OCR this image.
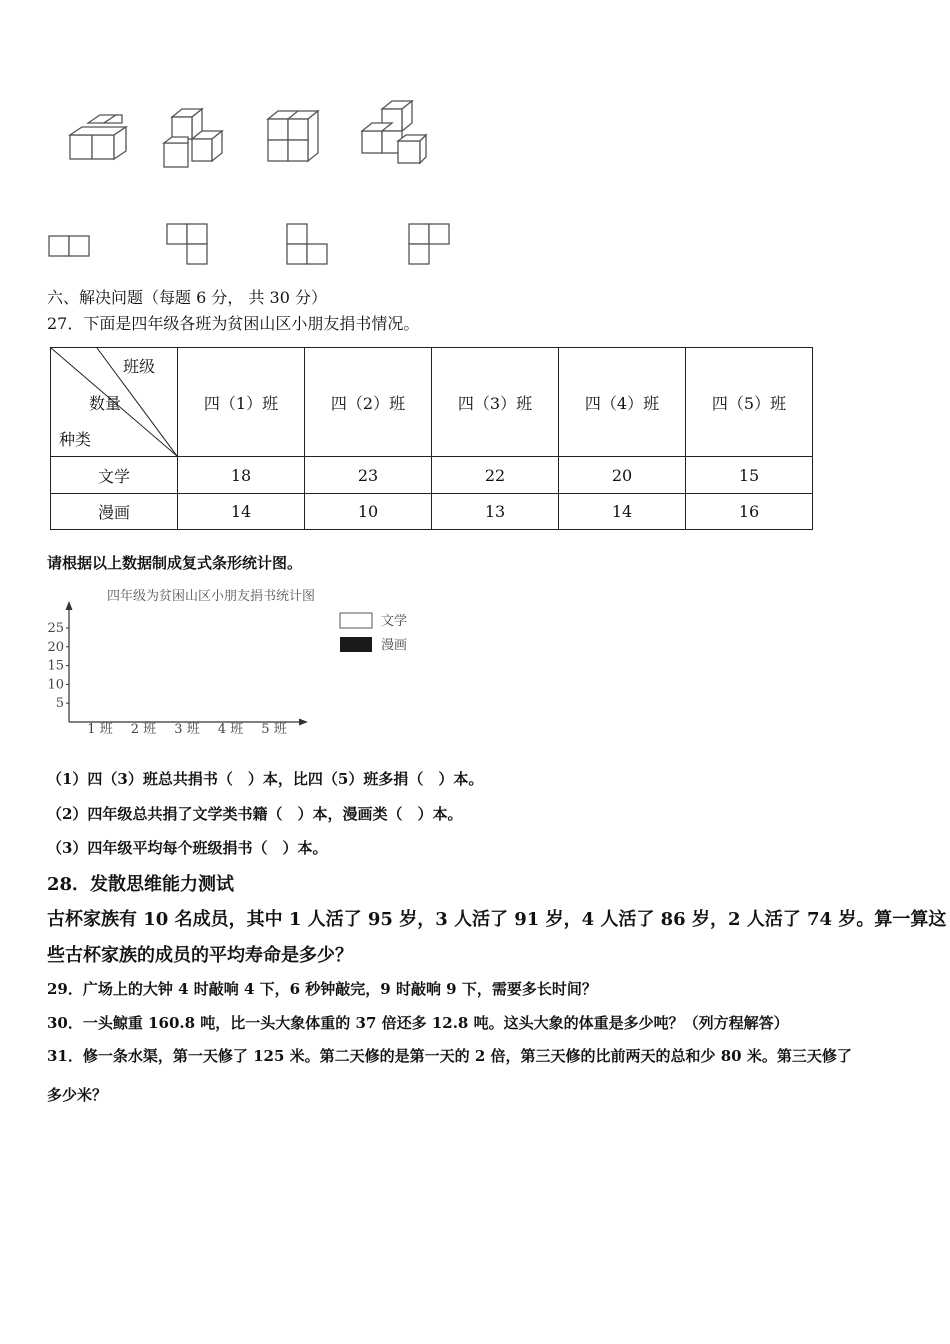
六、解决问题（每题 6 分， 共 30 分）
27．下面是四年级各班为贫困山区小朋友捐书情况。
班级
数量
种类	四（1）班	四（2）班	四（3）班	四（4）班	四（5）班
文学	18	23	22	20	15
漫画	14	10	13	14	16
请根据以上数据制成复式条形统计图。
四年级为贫困山区小朋友捐书统计图
5
10
15
20
25
1 班 2 班 3 班 4 班 5 班
文学
漫画
（1）四（3）班总共捐书（　）本，比四（5）班多捐（　）本。
（2）四年级总共捐了文学类书籍（　）本，漫画类（　）本。
（3）四年级平均每个班级捐书（　）本。
28．发散思维能力测试
古杯家族有 10 名成员，其中 1 人活了 95 岁，3 人活了 91 岁，4 人活了 86 岁，2 人活了 74 岁。算一算这
些古杯家族的成员的平均寿命是多少？
29．广场上的大钟 4 时敲响 4 下，6 秒钟敲完，9 时敲响 9 下，需要多长时间？
30．一头鲸重 160.8 吨，比一头大象体重的 37 倍还多 12.8 吨。这头大象的体重是多少吨？（列方程解答）
31．修一条水渠，第一天修了 125 米。第二天修的是第一天的 2 倍，第三天修的比前两天的总和少 80 米。第三天修了
多少米？
